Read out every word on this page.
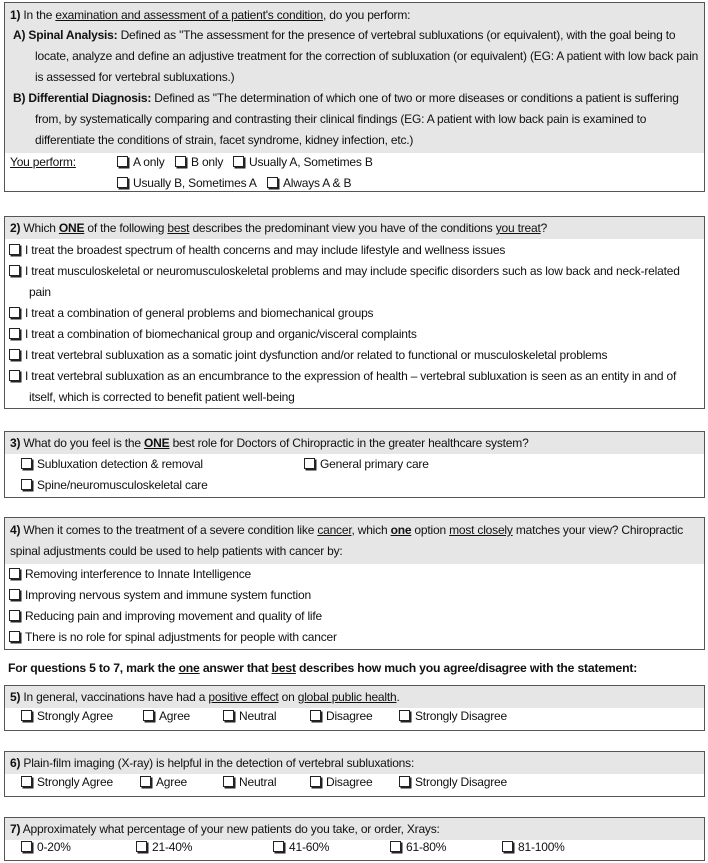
1) In the examination and assessment of a patient's condition, do you perform:
A) Spinal Analysis: Defined as "The assessment for the presence of vertebral subluxations (or equivalent), with the goal being to locate, analyze and define an adjustive treatment for the correction of subluxation (or equivalent) (EG: A patient with low back pain is assessed for vertebral subluxations.)
B) Differential Diagnosis: Defined as "The determination of which one of two or more diseases or conditions a patient is suffering from, by systematically comparing and contrasting their clinical findings (EG: A patient with low back pain is examined to differentiate the conditions of strain, facet syndrome, kidney infection, etc.)
You perform:	A only	B only	Usually A, Sometimes B
Usually B, Sometimes A	Always A & B
2) Which ONE of the following best describes the predominant view you have of the conditions you treat?
I treat the broadest spectrum of health concerns and may include lifestyle and wellness issues
I treat musculoskeletal or neuromusculoskeletal problems and may include specific disorders such as low back and neck-related pain
I treat a combination of general problems and biomechanical groups
I treat a combination of biomechanical group and organic/visceral complaints
I treat vertebral subluxation as a somatic joint dysfunction and/or related to functional or musculoskeletal problems
I treat vertebral subluxation as an encumbrance to the expression of health – vertebral subluxation is seen as an entity in and of itself, which is corrected to benefit patient well-being
3) What do you feel is the ONE best role for Doctors of Chiropractic in the greater healthcare system?
Subluxation detection & removal	General primary care
Spine/neuromusculoskeletal care
4) When it comes to the treatment of a severe condition like cancer, which one option most closely matches your view? Chiropractic spinal adjustments could be used to help patients with cancer by:
Removing interference to Innate Intelligence
Improving nervous system and immune system function
Reducing pain and improving movement and quality of life
There is no role for spinal adjustments for people with cancer
For questions 5 to 7, mark the one answer that best describes how much you agree/disagree with the statement:
5) In general, vaccinations have had a positive effect on global public health.
Strongly Agree	Agree	Neutral	Disagree	Strongly Disagree
6) Plain-film imaging (X-ray) is helpful in the detection of vertebral subluxations:
Strongly Agree	Agree	Neutral	Disagree	Strongly Disagree
7) Approximately what percentage of your new patients do you take, or order, Xrays:
0-20%	21-40%	41-60%	61-80%	81-100%
